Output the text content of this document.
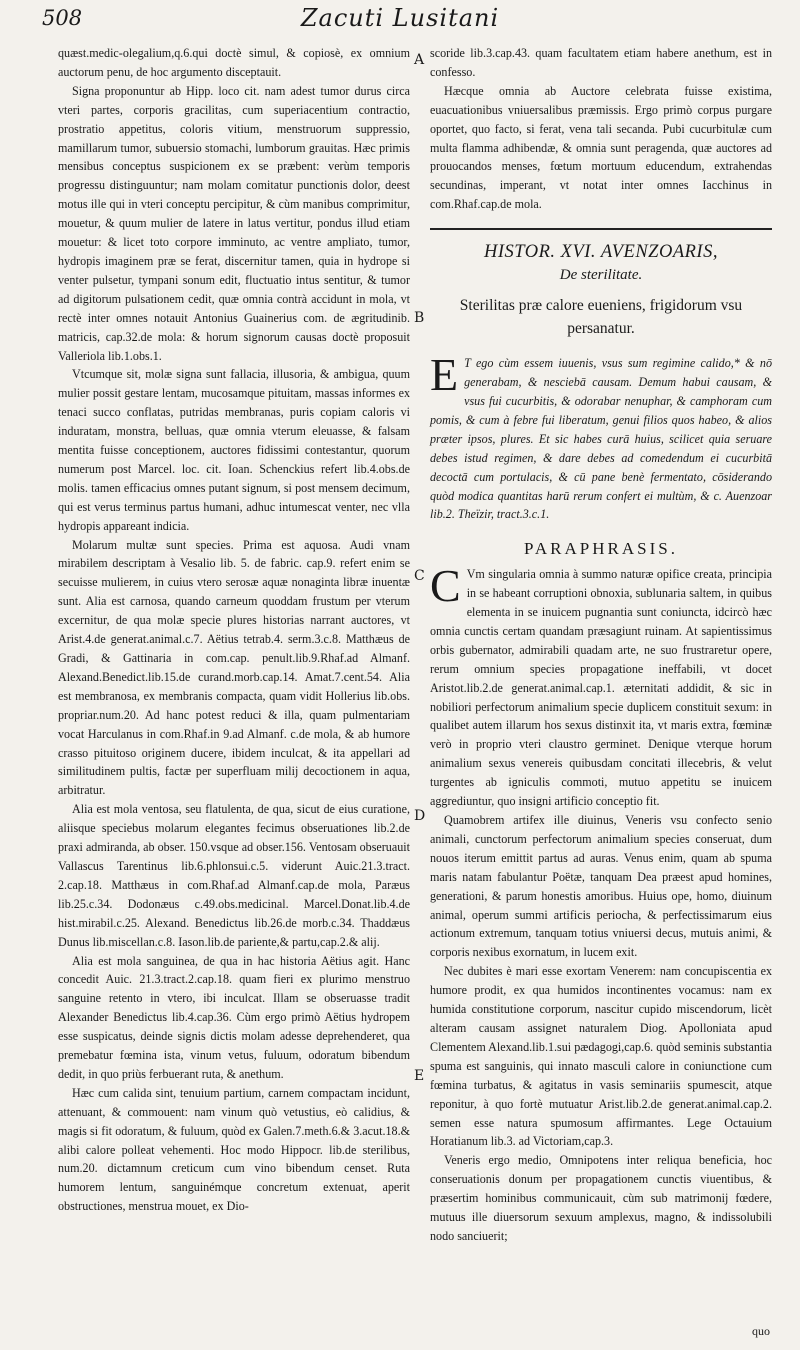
508	Zacuti Lusitani
A
B
C
D
E

quæst.medic-olegalium,q.6.qui doctè simul, & copiosè, ex omnium auctorum penu, de hoc argumento disceptauit.

Signa proponuntur ab Hipp. loco cit. nam adest tumor durus circa vteri partes, corporis gracilitas, cum superiacentium contractio, prostratio appetitus, coloris vitium, menstruorum suppressio, mamillarum tumor, subuersio stomachi, lumborum grauitas. Hæc primis mensibus conceptus suspicionem ex se præbent: verùm temporis progressu distinguuntur; nam molam comitatur punctionis dolor, deest motus ille qui in vteri conceptu percipitur, & cùm manibus comprimitur, mouetur, & quum mulier de latere in latus vertitur, pondus illud etiam mouetur: & licet toto corpore imminuto, ac ventre ampliato, tumor, hydropis imaginem præ se ferat, discernitur tamen, quia in hydrope si venter pulsetur, tympani sonum edit, fluctuatio intus sentitur, & tumor ad digitorum pulsationem cedit, quæ omnia contrà accidunt in mola, vt rectè inter omnes notauit Antonius Guainerius com. de ægritudinib. matricis, cap.32.de mola: & horum signorum causas doctè proposuit Valleriola lib.1.obs.1.

Vtcumque sit, molæ signa sunt fallacia, illusoria, & ambigua, quum mulier possit gestare lentam, mucosamque pituitam, massas informes ex tenaci succo conflatas, putridas membranas, puris copiam caloris vi induratam, monstra, belluas, quæ omnia vterum eleuasse, & falsam mentita fuisse conceptionem, auctores fidissimi contestantur, quorum numerum post Marcel. loc. cit. Ioan. Schenckius refert lib.4.obs.de molis. tamen efficacius omnes putant signum, si post mensem decimum, qui est verus terminus partus humani, adhuc intumescat venter, nec vlla hydropis appareant indicia.

Molarum multæ sunt species. Prima est aquosa. Audi vnam mirabilem descriptam à Vesalio lib. 5. de fabric. cap.9. refert enim se secuisse mulierem, in cuius vtero serosæ aquæ nonaginta libræ inuentæ sunt. Alia est carnosa, quando carneum quoddam frustum per vterum excernitur, de qua molæ specie plures historias narrant auctores, vt Arist.4.de generat.animal.c.7. Aëtius tetrab.4. serm.3.c.8. Matthæus de Gradi, & Gattinaria in com.cap. penult.lib.9.Rhaf.ad Almanf. Alexand.Benedict.lib.15.de curand.morb.cap.14. Amat.7.cent.54. Alia est membranosa, ex membranis compacta, quam vidit Hollerius lib.obs. propriar.num.20. Ad hanc potest reduci & illa, quam pulmentariam vocat Harculanus in com.Rhaf.in 9.ad Almanf. c.de mola, & ab humore crasso pituitoso originem ducere, ibidem inculcat, & ita appellari ad similitudinem pultis, factæ per superfluam milij decoctionem in aqua, arbitratur.

Alia est mola ventosa, seu flatulenta, de qua, sicut de eius curatione, aliisque speciebus molarum elegantes fecimus obseruationes lib.2.de praxi admiranda, ab obser. 150.vsque ad obser.156. Ventosam obseruauit Vallascus Tarentinus lib.6.phlonsui.c.5. viderunt Auic.21.3.tract. 2.cap.18. Matthæus in com.Rhaf.ad Almanf.cap.de mola, Paræus lib.25.c.34. Dodonæus c.49.obs.medicinal. Marcel.Donat.lib.4.de hist.mirabil.c.25. Alexand. Benedictus lib.26.de morb.c.34. Thaddæus Dunus lib.miscellan.c.8. Iason.lib.de pariente,& partu,cap.2.& alij.

Alia est mola sanguinea, de qua in hac historia Aëtius agit. Hanc concedit Auic. 21.3.tract.2.cap.18. quam fieri ex plurimo menstruo sanguine retento in vtero, ibi inculcat. Illam se obseruasse tradit Alexander Benedictus lib.4.cap.36. Cùm ergo primò Aëtius hydropem esse suspicatus, deinde signis dictis molam adesse deprehenderet, qua premebatur fœmina ista, vinum vetus, fuluum, odoratum bibendum dedit, in quo priùs ferbuerant ruta, & anethum.

Hæc cum calida sint, tenuium partium, carnem compactam incidunt, attenuant, & commouent: nam vinum quò vetustius, eò calidius, & magis si fit odoratum, & fuluum, quòd ex Galen.7.meth.6.& 3.acut.18.& alibi calore polleat vehementi. Hoc modo Hippocr. lib.de sterilibus, num.20. dictamnum creticum cum vino bibendum censet. Ruta humorem lentum, sanguinémque concretum extenuat, aperit obstructiones, menstrua mouet, ex Dio-

scoride lib.3.cap.43. quam facultatem etiam habere anethum, est in confesso.

Hæcque omnia ab Auctore celebrata fuisse existima, euacuationibus vniuersalibus præmissis. Ergo primò corpus purgare oportet, quo facto, si ferat, vena tali secanda. Pubi cucurbitulæ cum multa flamma adhibendæ, & omnia sunt peragenda, quæ auctores ad prouocandos menses, fœtum mortuum educendum, extrahendas secundinas, imperant, vt notat inter omnes Iacchinus in com.Rhaf.cap.de mola.

HISTOR. XVI. AVENZOARIS,
De sterilitate.
Sterilitas præ calore eueniens, frigidorum vsu persanatur.

E T ego cùm essem iuuenis, vsus sum regimine calido,* & nō generabam, & nesciebā causam. Demum habui causam, & vsus fui cucurbitis, & odorabar nenuphar, & camphoram cum pomis, & cum à febre fui liberatum, genui filios quos habeo, & alios præter ipsos, plures. Et sic habes curā huius, scilicet quia seruare debes istud regimen, & dare debes ad comedendum ei cucurbitā decoctā cum portulacis, & cū pane benè fermentato, cōsiderando quòd modica quantitas harū rerum confert ei multùm, & c. Auenzoar lib.2. Theïzir, tract.3.c.1.

PARAPHRASIS.

C Vm singularia omnia à summo naturæ opifice creata, principia in se habeant corruptioni obnoxia, sublunaria saltem, in quibus elementa in se inuicem pugnantia sunt coniuncta, idcircò hæc omnia cunctis certam quandam præsagiunt ruinam. At sapientissimus orbis gubernator, admirabili quadam arte, ne suo frustraretur opere, rerum omnium species propagatione ineffabili, vt docet Aristot.lib.2.de generat.animal.cap.1. æternitati addidit, & sic in nobiliori perfectorum animalium specie duplicem constituit sexum: in qualibet autem illarum hos sexus distinxit ita, vt maris extra, fœminæ verò in proprio vteri claustro germinet. Denique vterque horum animalium sexus venereis quibusdam concitati illecebris, & velut turgentes ab igniculis commoti, mutuo appetitu se inuicem aggrediuntur, quo insigni artificio conceptio fit.

Quamobrem artifex ille diuinus, Veneris vsu confecto senio animali, cunctorum perfectorum animalium species conseruat, dum nouos iterum emittit partus ad auras. Venus enim, quam ab spuma maris natam fabulantur Poëtæ, tanquam Dea præest apud homines, generationi, & parum honestis amoribus. Huius ope, homo, diuinum animal, operum summi artificis periocha, & perfectissimarum eius actionum extremum, tanquam totius vniuersi decus, mutuis animi, & corporis nexibus exornatum, in lucem exit.

Nec dubites è mari esse exortam Venerem: nam concupiscentia ex humore prodit, ex qua humidos incontinentes vocamus: nam ex humida constitutione corporum, nascitur cupido miscendorum, licèt alteram causam assignet naturalem Diog. Apolloniata apud Clementem Alexand.lib.1.sui pædagogi,cap.6. quòd seminis substantia spuma est sanguinis, qui innato masculi calore in coniunctione cum fœmina turbatus, & agitatus in vasis seminariis spumescit, atque reponitur, à quo fortè mutuatur Arist.lib.2.de generat.animal.cap.2. semen esse natura spumosum affirmantes. Lege Octauium Horatianum lib.3. ad Victoriam,cap.3.

Veneris ergo medio, Omnipotens inter reliqua beneficia, hoc conseruationis donum per propagationem cunctis viuentibus, & præsertim hominibus communicauit, cùm sub matrimonij fœdere, mutuus ille diuersorum sexuum amplexus, magno, & indissolubili nodo sanciuerit;

quo
